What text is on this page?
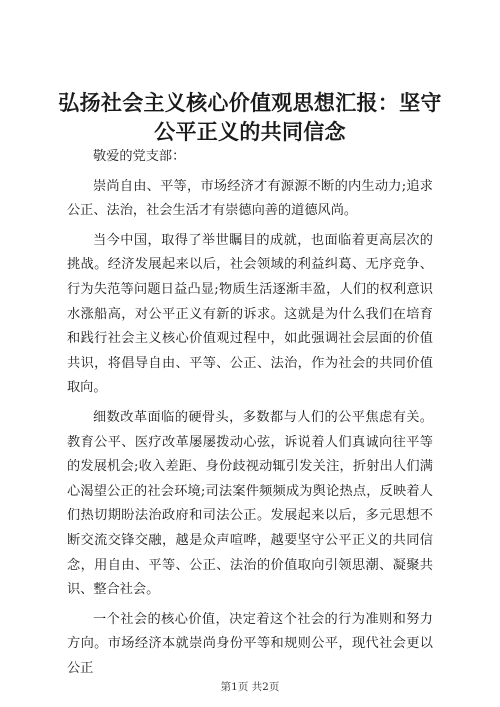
弘扬社会主义核心价值观思想汇报：坚守公平正义的共同信念

敬爱的党支部：

崇尚自由、平等，市场经济才有源源不断的内生动力;追求公正、法治，社会生活才有崇德向善的道德风尚。

当今中国，取得了举世瞩目的成就，也面临着更高层次的挑战。经济发展起来以后，社会领域的利益纠葛、无序竞争、行为失范等问题日益凸显;物质生活逐渐丰盈，人们的权利意识水涨船高，对公平正义有新的诉求。这就是为什么我们在培育和践行社会主义核心价值观过程中，如此强调社会层面的价值共识，将倡导自由、平等、公正、法治，作为社会的共同价值取向。

细数改革面临的硬骨头，多数都与人们的公平焦虑有关。教育公平、医疗改革屡屡拨动心弦，诉说着人们真诚向往平等的发展机会;收入差距、身份歧视动辄引发关注，折射出人们满心渴望公正的社会环境;司法案件频频成为舆论热点，反映着人们热切期盼法治政府和司法公正。发展起来以后，多元思想不断交流交锋交融，越是众声喧哗，越要坚守公平正义的共同信念，用自由、平等、公正、法治的价值取向引领思潮、凝聚共识、整合社会。

一个社会的核心价值，决定着这个社会的行为准则和努力方向。市场经济本就崇尚身份平等和规则公平，现代社会更以公正

第1页 共2页
